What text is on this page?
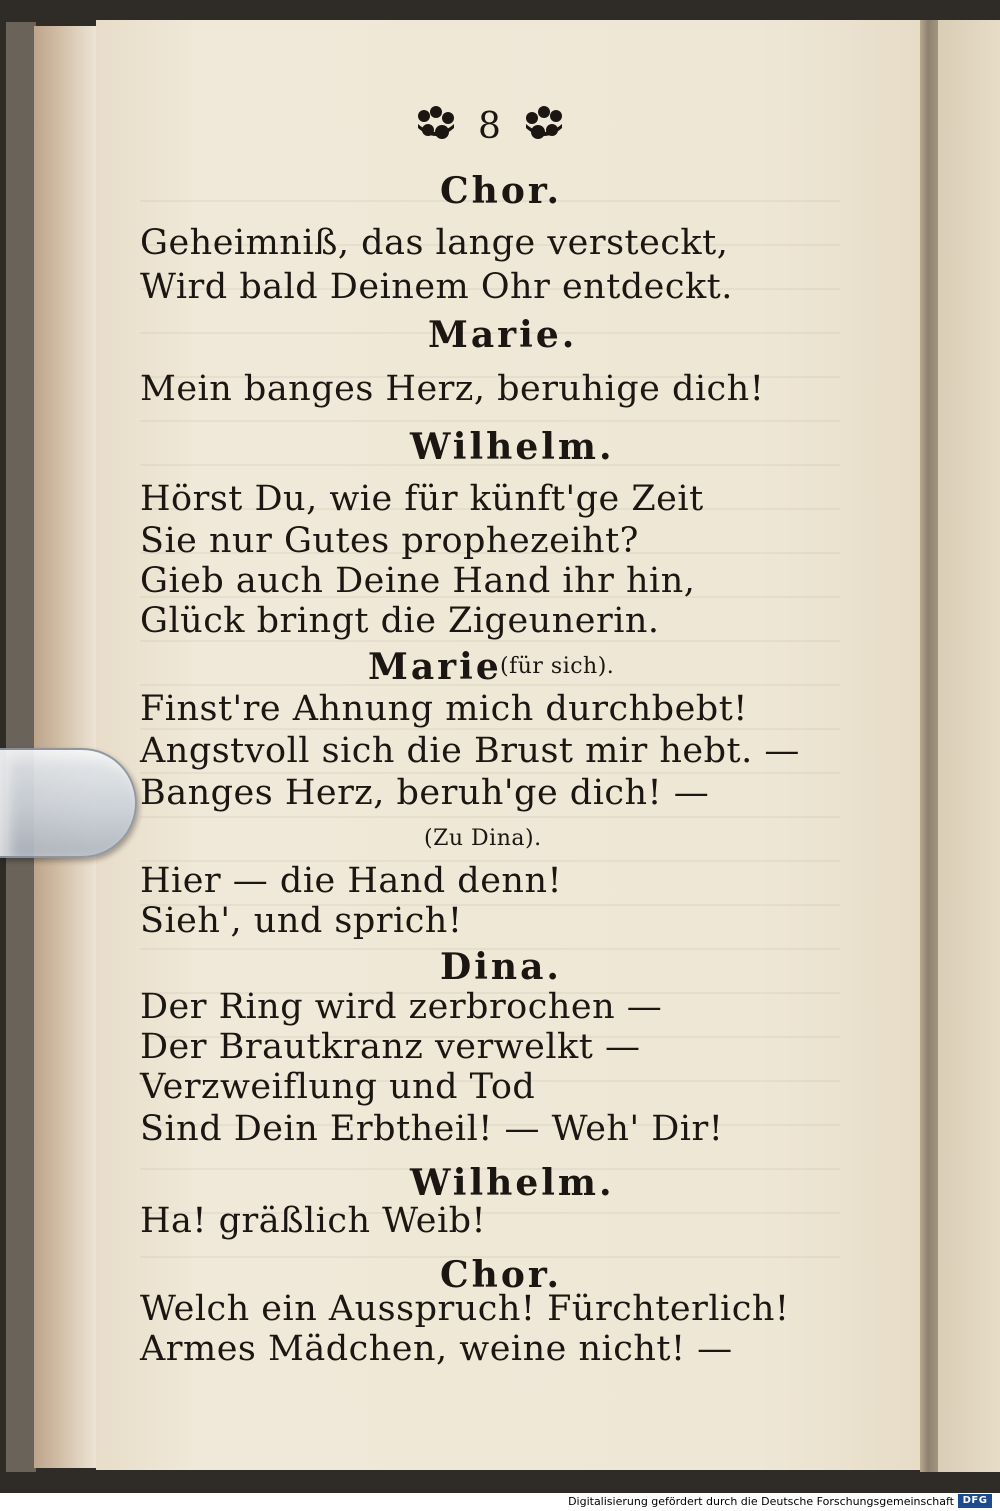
8
Chor.
Geheimniß, das lange versteckt,
Wird bald Deinem Ohr entdeckt.
Marie.
Mein banges Herz, beruhige dich!
Wilhelm.
Hörst Du, wie für künft'ge Zeit
Sie nur Gutes prophezeiht?
Gieb auch Deine Hand ihr hin,
Glück bringt die Zigeunerin.
Marie
(für sich).
Finst're Ahnung mich durchbebt!
Angstvoll sich die Brust mir hebt. —
Banges Herz, beruh'ge dich! —
(Zu Dina).
Hier — die Hand denn!
Sieh', und sprich!
Dina.
Der Ring wird zerbrochen —
Der Brautkranz verwelkt —
Verzweiflung und Tod
Sind Dein Erbtheil! — Weh' Dir!
Wilhelm.
Ha! gräßlich Weib!
Chor.
Welch ein Ausspruch! Fürchterlich!
Armes Mädchen, weine nicht! —
Digitalisierung gefördert durch die Deutsche Forschungsgemeinschaft DFG
